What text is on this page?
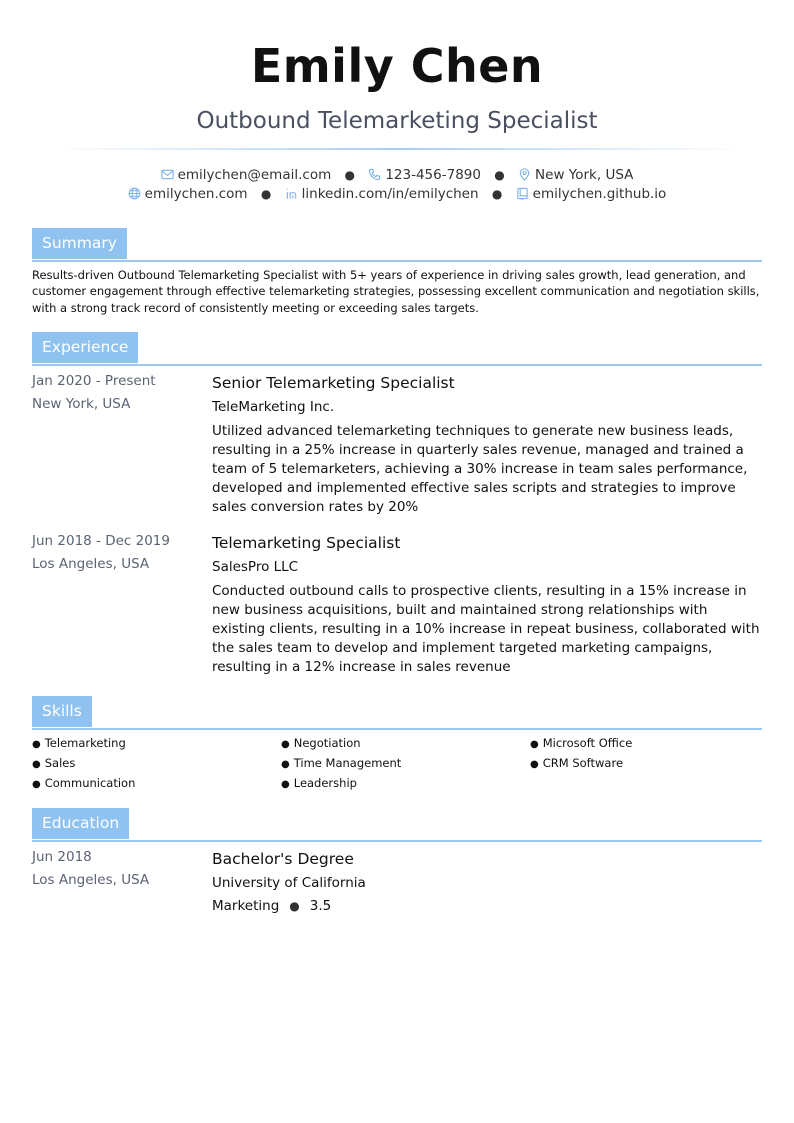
Emily Chen
Outbound Telemarketing Specialist
emilychen@email.com ● 123-456-7890 ● New York, USA
emilychen.com ● linkedin.com/in/emilychen ● emilychen.github.io
Summary

Results-driven Outbound Telemarketing Specialist with 5+ years of experience in driving sales growth, lead generation, and customer engagement through effective telemarketing strategies, possessing excellent communication and negotiation skills, with a strong track record of consistently meeting or exceeding sales targets.

Experience
Jan 2020 - Present
New York, USA
Senior Telemarketing Specialist
TeleMarketing Inc.
Utilized advanced telemarketing techniques to generate new business leads, resulting in a 25% increase in quarterly sales revenue, managed and trained a team of 5 telemarketers, achieving a 30% increase in team sales performance, developed and implemented effective sales scripts and strategies to improve sales conversion rates by 20%
Jun 2018 - Dec 2019
Los Angeles, USA
Telemarketing Specialist
SalesPro LLC
Conducted outbound calls to prospective clients, resulting in a 15% increase in new business acquisitions, built and maintained strong relationships with existing clients, resulting in a 10% increase in repeat business, collaborated with the sales team to develop and implement targeted marketing campaigns, resulting in a 12% increase in sales revenue
Skills
● Telemarketing
● Sales
● Communication
● Negotiation
● Time Management
● Leadership
● Microsoft Office
● CRM Software
Education
Jun 2018
Los Angeles, USA
Bachelor's Degree
University of California
Marketing ● 3.5
